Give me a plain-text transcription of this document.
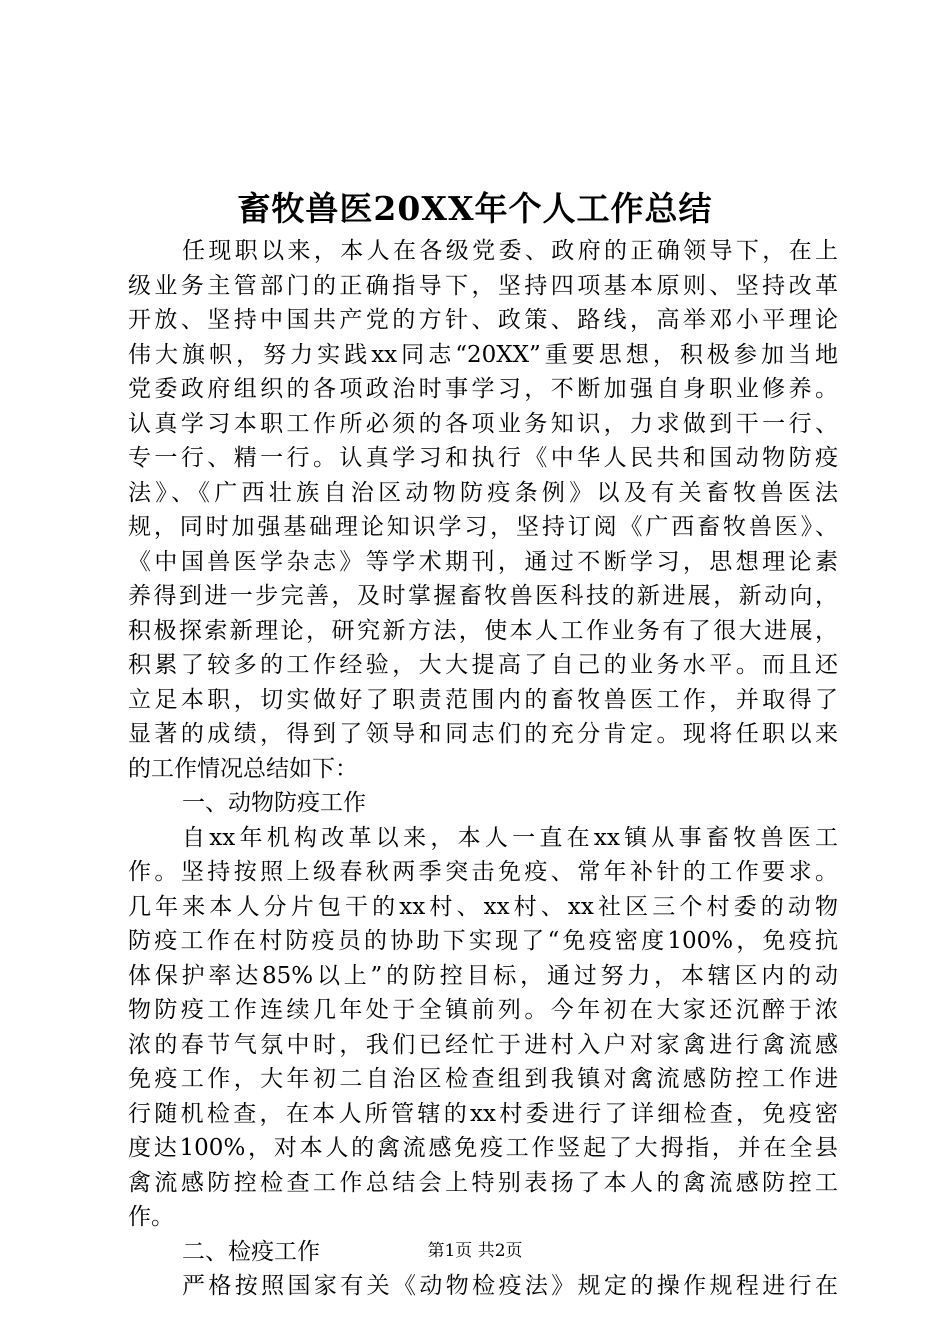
畜牧兽医20XX年个人工作总结
任现职以来，本人在各级党委、政府的正确领导下，在上
级业务主管部门的正确指导下，坚持四项基本原则、坚持改革
开放、坚持中国共产党的方针、政策、路线，高举邓小平理论
伟大旗帜，努力实践xx同志“20XX”重要思想，积极参加当地
党委政府组织的各项政治时事学习，不断加强自身职业修养。
认真学习本职工作所必须的各项业务知识，力求做到干一行、
专一行、精一行。认真学习和执行《中华人民共和国动物防疫
法》、《广西壮族自治区动物防疫条例》以及有关畜牧兽医法
规，同时加强基础理论知识学习，坚持订阅《广西畜牧兽医》、
《中国兽医学杂志》等学术期刊，通过不断学习，思想理论素
养得到进一步完善，及时掌握畜牧兽医科技的新进展，新动向，
积极探索新理论，研究新方法，使本人工作业务有了很大进展，
积累了较多的工作经验，大大提高了自己的业务水平。而且还
立足本职，切实做好了职责范围内的畜牧兽医工作，并取得了
显著的成绩，得到了领导和同志们的充分肯定。现将任职以来
的工作情况总结如下：
一、动物防疫工作
自xx年机构改革以来，本人一直在xx镇从事畜牧兽医工
作。坚持按照上级春秋两季突击免疫、常年补针的工作要求。
几年来本人分片包干的xx村、xx村、xx社区三个村委的动物
防疫工作在村防疫员的协助下实现了“免疫密度100%，免疫抗
体保护率达85%以上”的防控目标，通过努力，本辖区内的动
物防疫工作连续几年处于全镇前列。今年初在大家还沉醉于浓
浓的春节气氛中时，我们已经忙于进村入户对家禽进行禽流感
免疫工作，大年初二自治区检查组到我镇对禽流感防控工作进
行随机检查，在本人所管辖的xx村委进行了详细检查，免疫密
度达100%，对本人的禽流感免疫工作竖起了大拇指，并在全县
禽流感防控检查工作总结会上特别表扬了本人的禽流感防控工
作。
二、检疫工作
严格按照国家有关《动物检疫法》规定的操作规程进行在
第1页 共2页
